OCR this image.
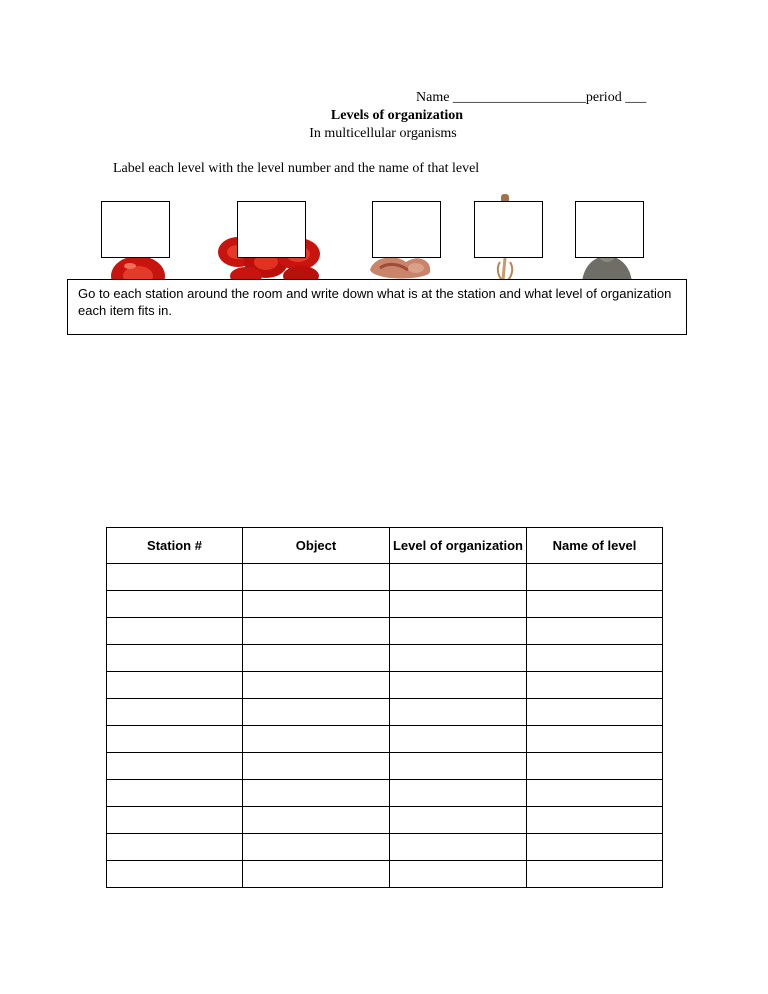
Name ___________________period ___
Levels of organization
In multicellular organisms
Label each level with the level number and the name of that level
Go to each station around the room and write down what is at the station and what level of organization each item fits in.
Station #	Object	Level of organization	Name of level
